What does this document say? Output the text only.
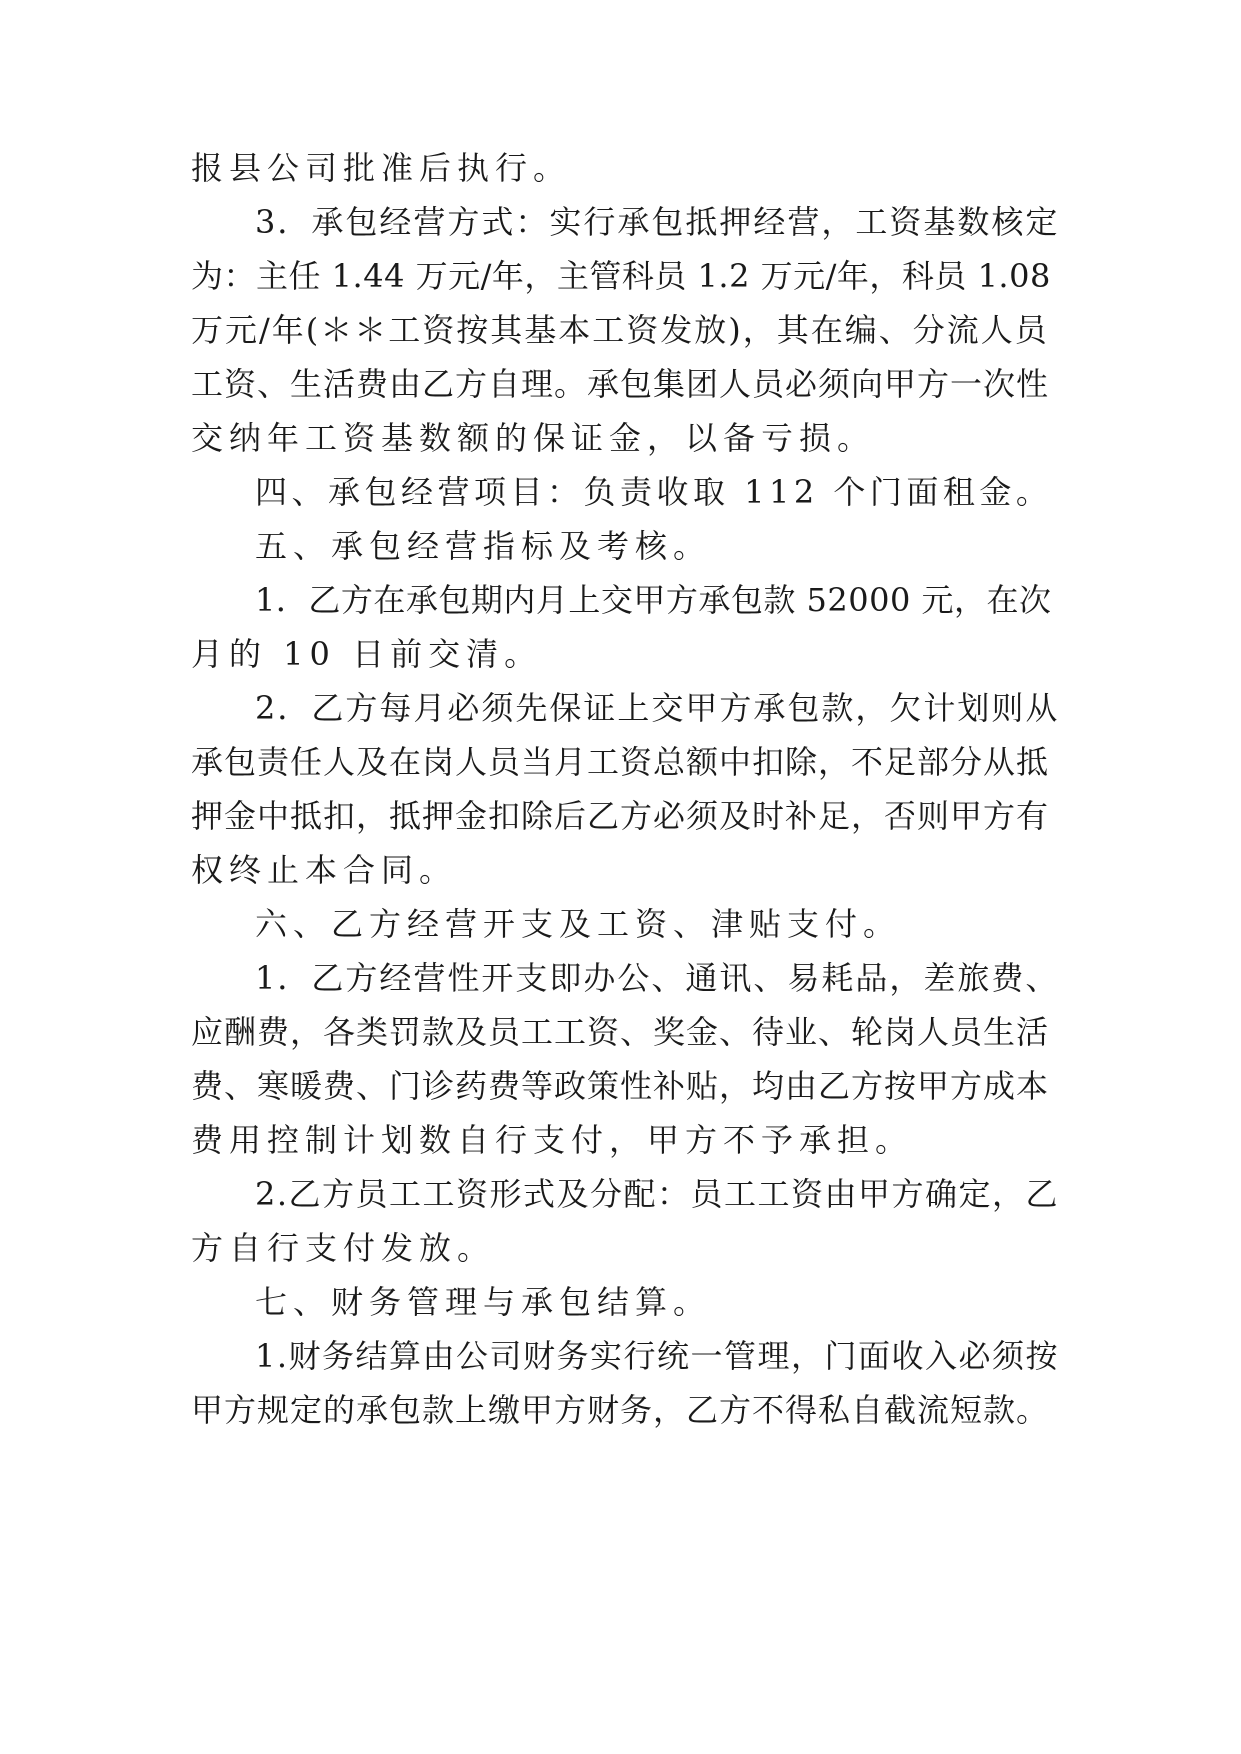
报县公司批准后执行。
3．承包经营方式：实行承包抵押经营，工资基数核定
为：主任 1.44 万元/年，主管科员 1.2 万元/年，科员 1.08
万元/年(＊＊工资按其基本工资发放)，其在编、分流人员
工资、生活费由乙方自理。承包集团人员必须向甲方一次性
交纳年工资基数额的保证金，以备亏损。
四、承包经营项目：负责收取 112 个门面租金。
五、承包经营指标及考核。
1．乙方在承包期内月上交甲方承包款 52000 元，在次
月的 10 日前交清。
2．乙方每月必须先保证上交甲方承包款，欠计划则从
承包责任人及在岗人员当月工资总额中扣除，不足部分从抵
押金中抵扣，抵押金扣除后乙方必须及时补足，否则甲方有
权终止本合同。
六、乙方经营开支及工资、津贴支付。
1．乙方经营性开支即办公、通讯、易耗品，差旅费、
应酬费，各类罚款及员工工资、奖金、待业、轮岗人员生活
费、寒暖费、门诊药费等政策性补贴，均由乙方按甲方成本
费用控制计划数自行支付，甲方不予承担。
2.乙方员工工资形式及分配：员工工资由甲方确定，乙
方自行支付发放。
七、财务管理与承包结算。
1.财务结算由公司财务实行统一管理，门面收入必须按
甲方规定的承包款上缴甲方财务，乙方不得私自截流短款。
